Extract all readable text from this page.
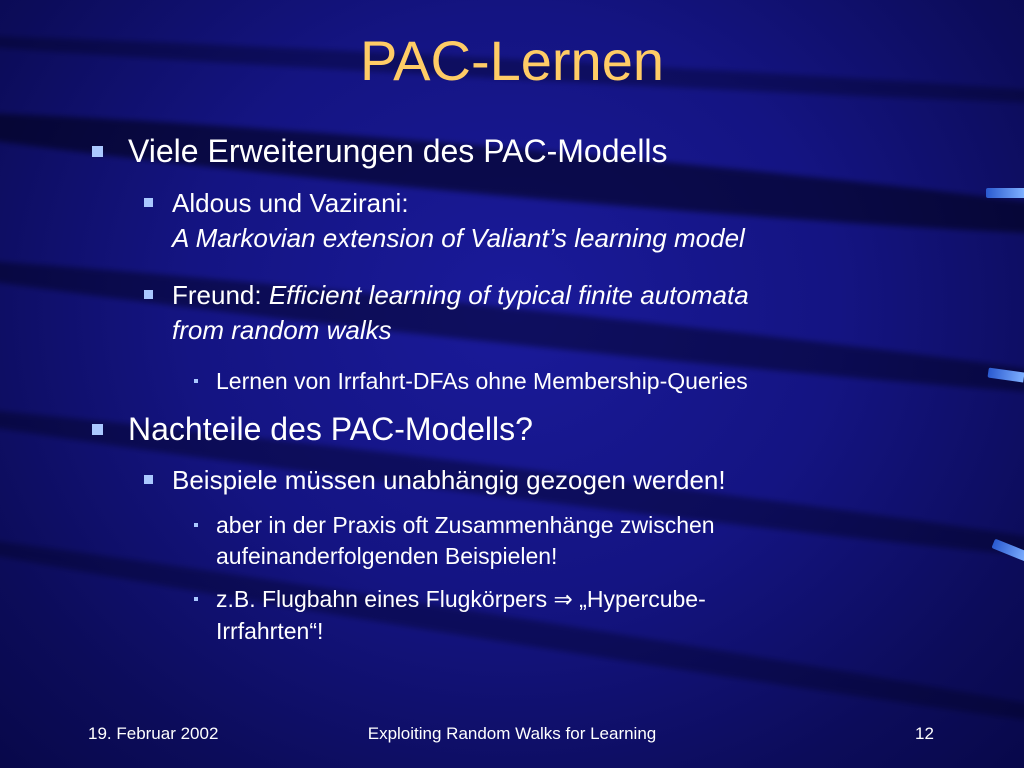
PAC-Lernen
Viele Erweiterungen des PAC-Modells
Aldous und Vazirani:
A Markovian extension of Valiant’s learning model
Freund: Efficient learning of typical finite automata
from random walks
Lernen von Irrfahrt-DFAs ohne Membership-Queries
Nachteile des PAC-Modells?
Beispiele müssen unabhängig gezogen werden!
aber in der Praxis oft Zusammenhänge zwischen
aufeinanderfolgenden Beispielen!
z.B. Flugbahn eines Flugkörpers ⇒ „Hypercube-
Irrfahrten“!
19. Februar 2002	Exploiting Random Walks for Learning	12
